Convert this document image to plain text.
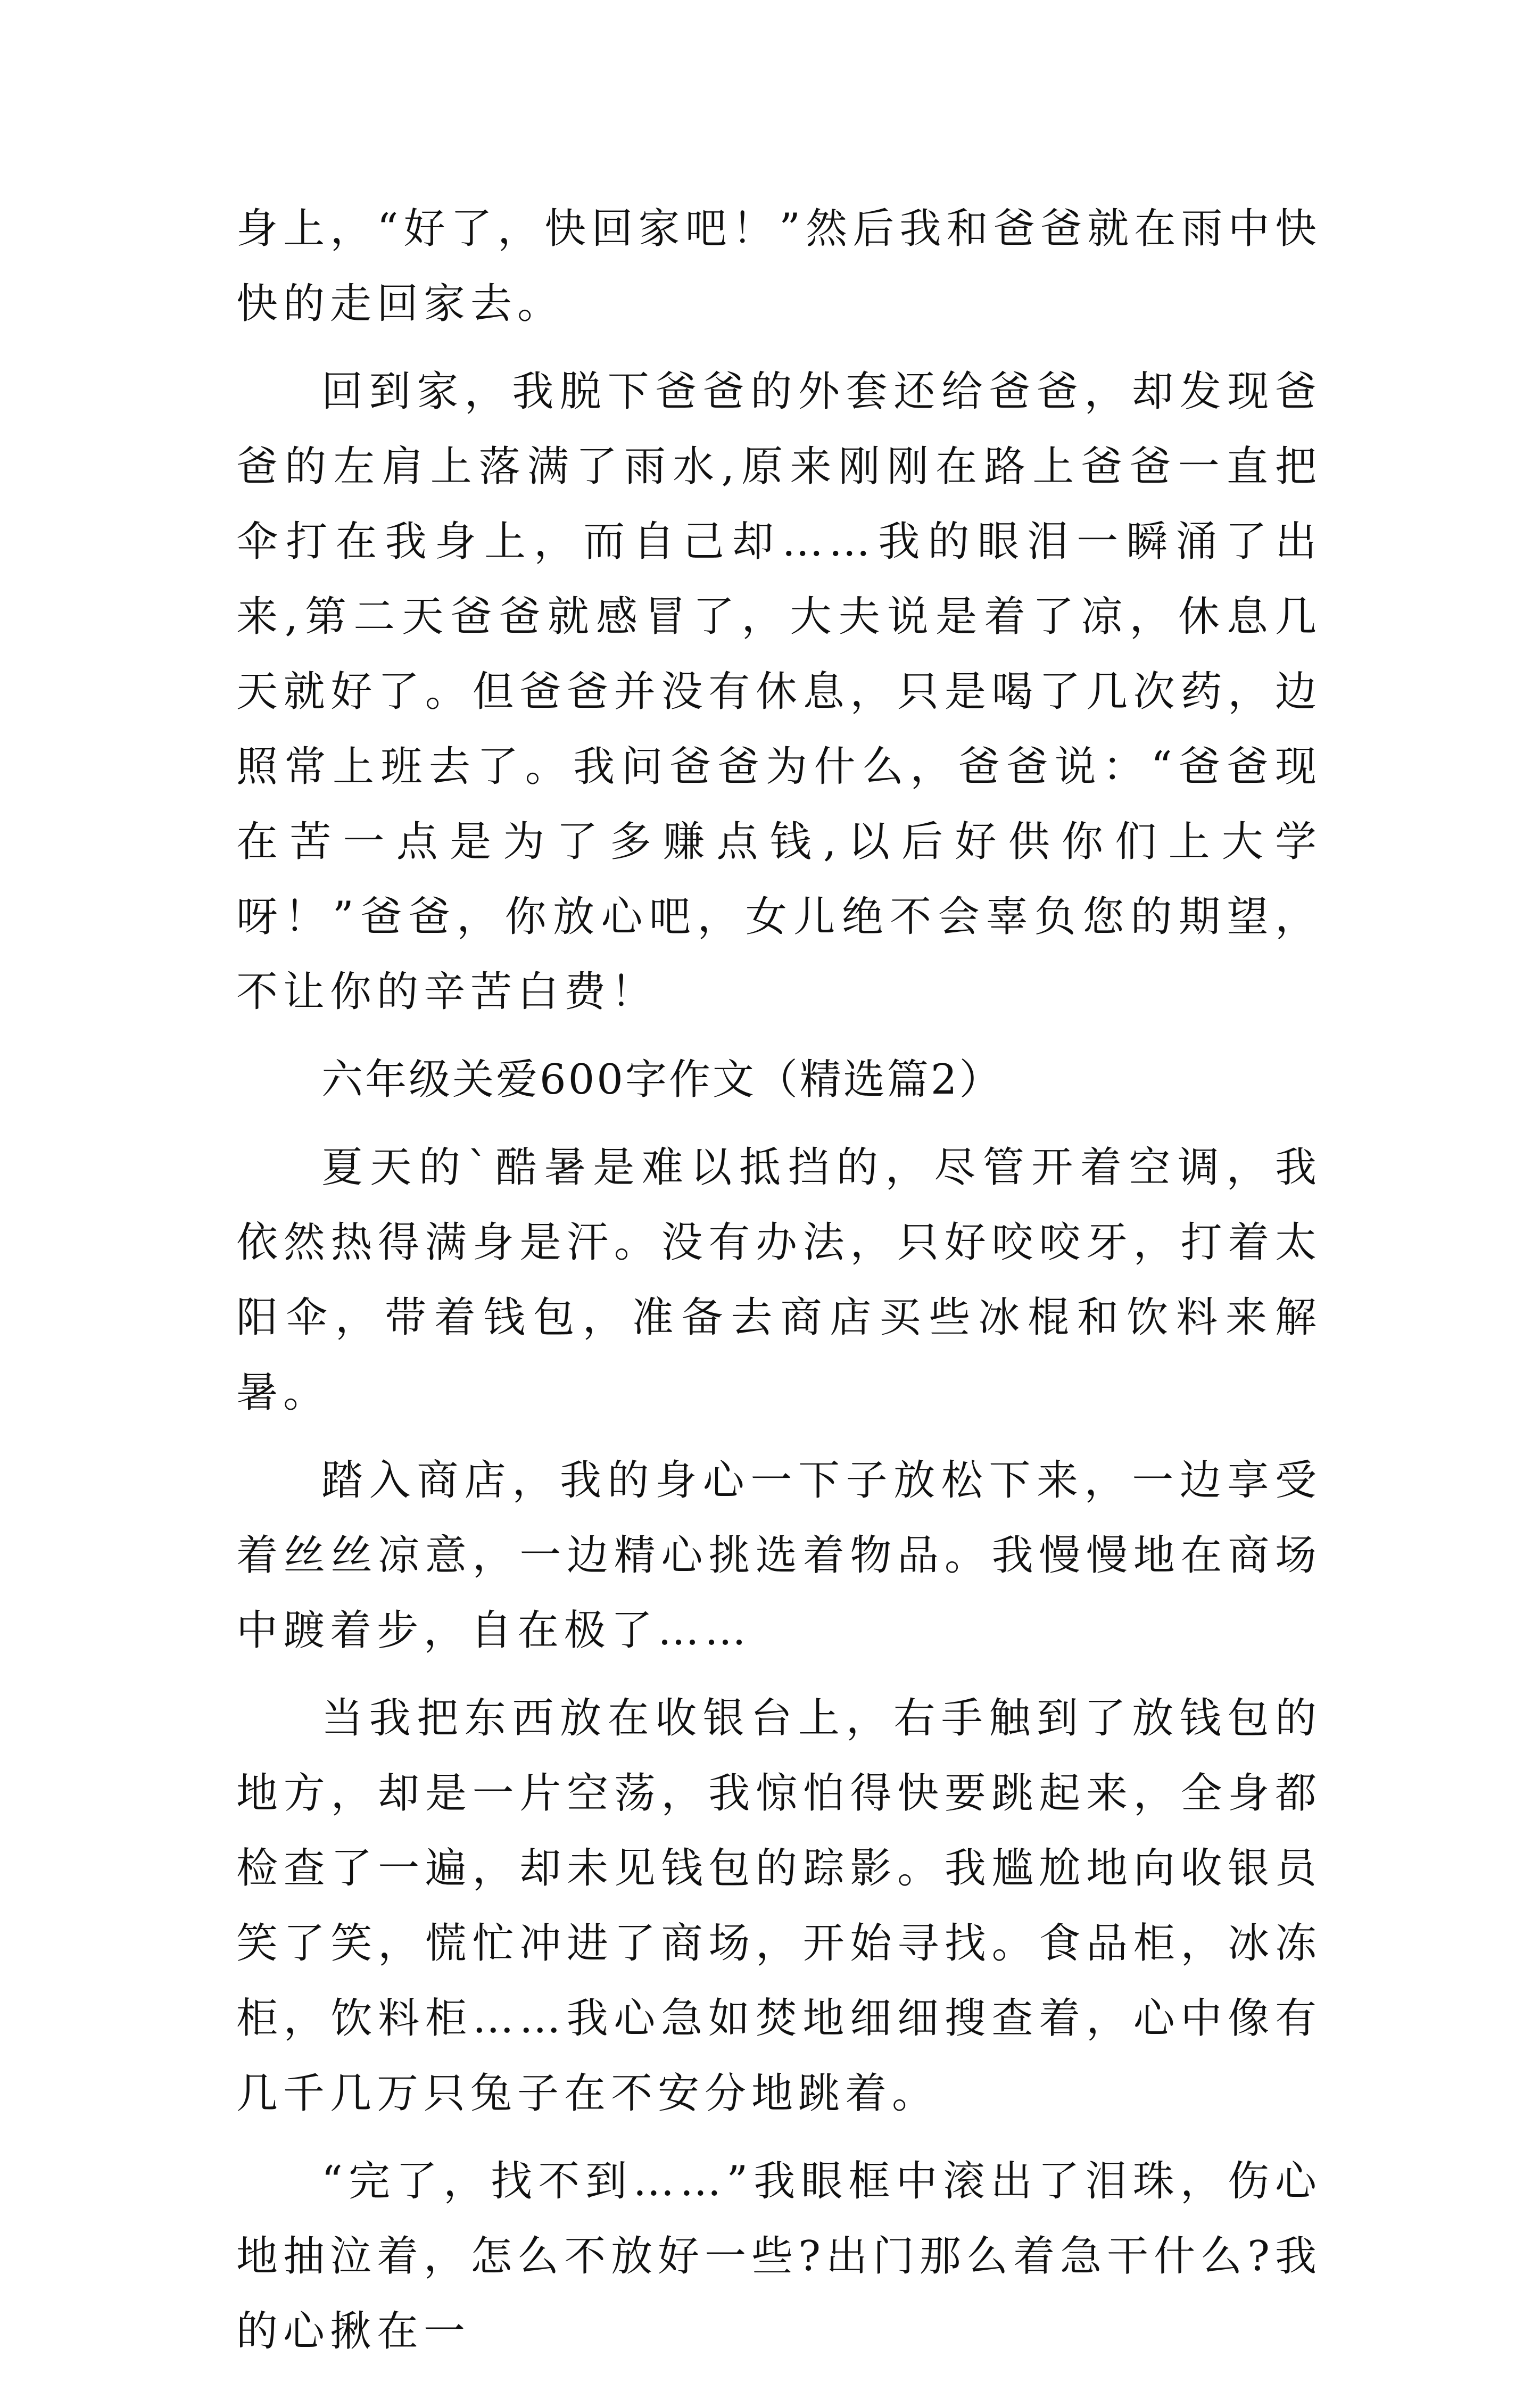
身上，“好了，快回家吧！”然后我和爸爸就在雨中快快的走回家去。

回到家，我脱下爸爸的外套还给爸爸，却发现爸爸的左肩上落满了雨水,原来刚刚在路上爸爸一直把伞打在我身上，而自己却……我的眼泪一瞬涌了出来,第二天爸爸就感冒了，大夫说是着了凉，休息几天就好了。但爸爸并没有休息，只是喝了几次药，边照常上班去了。我问爸爸为什么，爸爸说：“爸爸现在苦一点是为了多赚点钱,以后好供你们上大学呀！”爸爸，你放心吧，女儿绝不会辜负您的期望，不让你的辛苦白费！

六年级关爱600字作文（精选篇2）

夏天的`酷暑是难以抵挡的，尽管开着空调，我依然热得满身是汗。没有办法，只好咬咬牙，打着太阳伞，带着钱包，准备去商店买些冰棍和饮料来解暑。

踏入商店，我的身心一下子放松下来，一边享受着丝丝凉意，一边精心挑选着物品。我慢慢地在商场中踱着步，自在极了……

当我把东西放在收银台上，右手触到了放钱包的地方，却是一片空荡，我惊怕得快要跳起来，全身都检查了一遍，却未见钱包的踪影。我尴尬地向收银员笑了笑，慌忙冲进了商场，开始寻找。食品柜，冰冻柜，饮料柜……我心急如焚地细细搜查着，心中像有几千几万只兔子在不安分地跳着。

“完了，找不到……”我眼框中滚出了泪珠，伤心地抽泣着，怎么不放好一些?出门那么着急干什么?我的心揪在一
